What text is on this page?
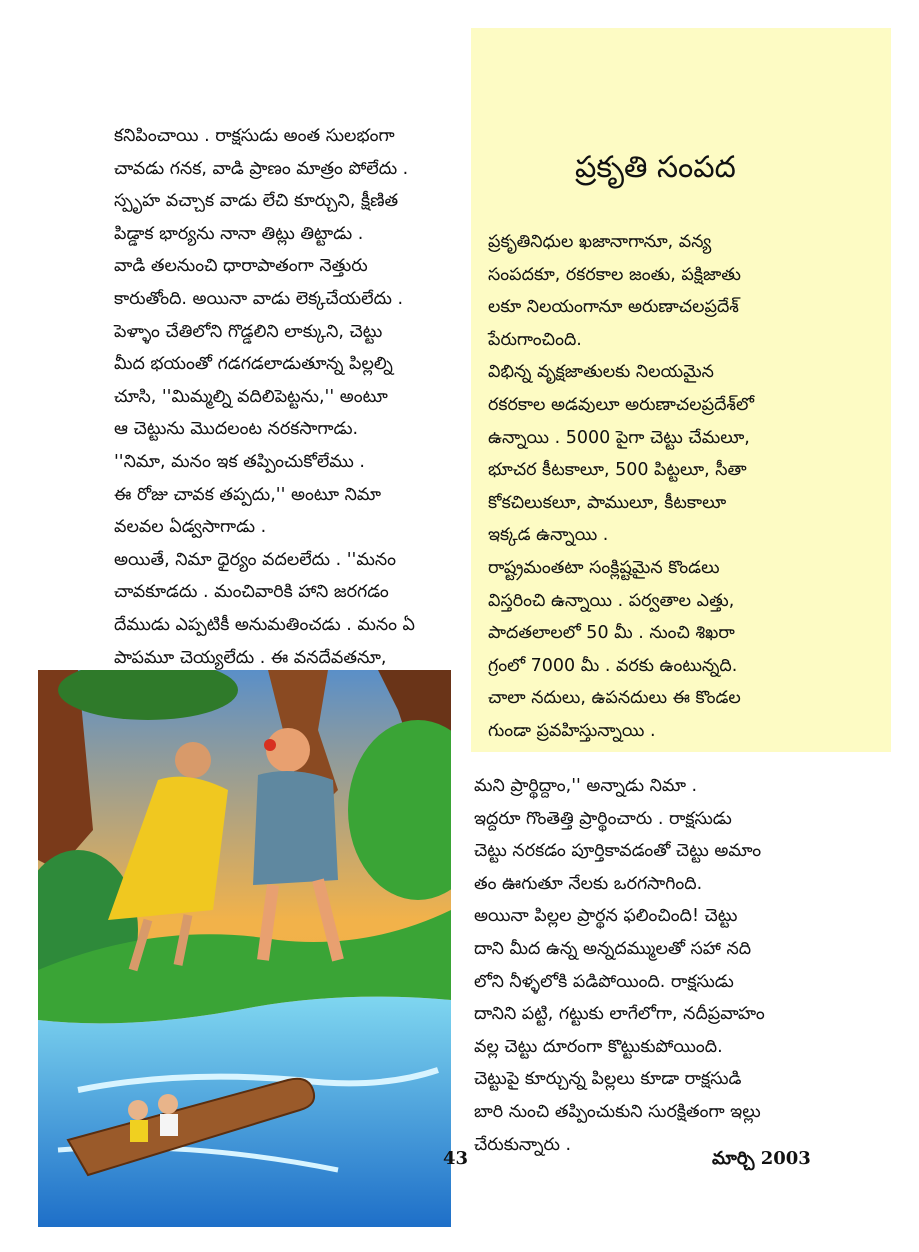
కనిపించాయి . రాక్షసుడు అంత సులభంగా

చావడు గనక, వాడి ప్రాణం మాత్రం పోలేదు .

స్పృహ వచ్చాక వాడు లేచి కూర్చుని, క్షీణిత

పిడ్డాక భార్యను నానా తిట్లు తిట్టాడు .

వాడి తలనుంచి ధారాపాతంగా నెత్తురు

కారుతోంది. అయినా వాడు లెక్కచేయలేదు .

పెళ్ళాం చేతిలోని గొడ్డలిని లాక్కుని, చెట్టు

మీద భయంతో గడగడలాడుతూన్న పిల్లల్ని

చూసి, ''మిమ్మల్ని వదిలిపెట్టను,'' అంటూ

ఆ చెట్టును మొదలంట నరకసాగాడు.

''నిమా, మనం ఇక తప్పించుకోలేము .

ఈ రోజు చావక తప్పదు,'' అంటూ నిమా

వలవల ఏడ్వసాగాడు .

అయితే, నిమా ధైర్యం వదలలేదు . ''మనం

చావకూడదు . మంచివారికి హాని జరగడం

దేముడు ఎప్పటికీ అనుమతించడు . మనం ఏ

పాపమూ చెయ్యలేదు . ఈ వనదేవతనూ,

ప్రకృతి సంపద

ప్రకృతినిధుల ఖజానాగానూ, వన్య

సంపదకూ, రకరకాల జంతు, పక్షిజాతు

లకూ నిలయంగానూ అరుణాచలప్రదేశ్

పేరుగాంచింది.

విభిన్న వృక్షజాతులకు నిలయమైన

రకరకాల అడవులూ అరుణాచలప్రదేశ్‌లో

ఉన్నాయి . 5000 పైగా చెట్టు చేమలూ,

భూచర కీటకాలూ, 500 పిట్టలూ, సీతా

కోకచిలుకలూ, పాములూ, కీటకాలూ

ఇక్కడ ఉన్నాయి .

రాష్ట్రమంతటా సంక్లిష్టమైన కొండలు

విస్తరించి ఉన్నాయి . పర్వతాల ఎత్తు,

పాదతలాలలో 50 మీ . నుంచి శిఖరా

గ్రంలో 7000 మీ . వరకు ఉంటున్నది.

చాలా నదులు, ఉపనదులు ఈ కొండల

గుండా ప్రవహిస్తున్నాయి .

మని ప్రార్థిద్దాం,'' అన్నాడు నిమా .

ఇద్దరూ గొంతెత్తి ప్రార్థించారు . రాక్షసుడు

చెట్టు నరకడం పూర్తికావడంతో చెట్టు అమాం

తం ఊగుతూ నేలకు ఒరగసాగింది.

అయినా పిల్లల ప్రార్థన ఫలించింది! చెట్టు

దాని మీద ఉన్న అన్నదమ్ములతో సహా నది

లోని నీళ్ళలోకి పడిపోయింది. రాక్షసుడు

దానిని పట్టి, గట్టుకు లాగేలోగా, నదీప్రవాహం

వల్ల చెట్టు దూరంగా కొట్టుకుపోయింది.

చెట్టుపై కూర్చున్న పిల్లలు కూడా రాక్షసుడి

బారి నుంచి తప్పించుకుని సురక్షితంగా ఇల్లు

చేరుకున్నారు .

43	మార్చి 2003
